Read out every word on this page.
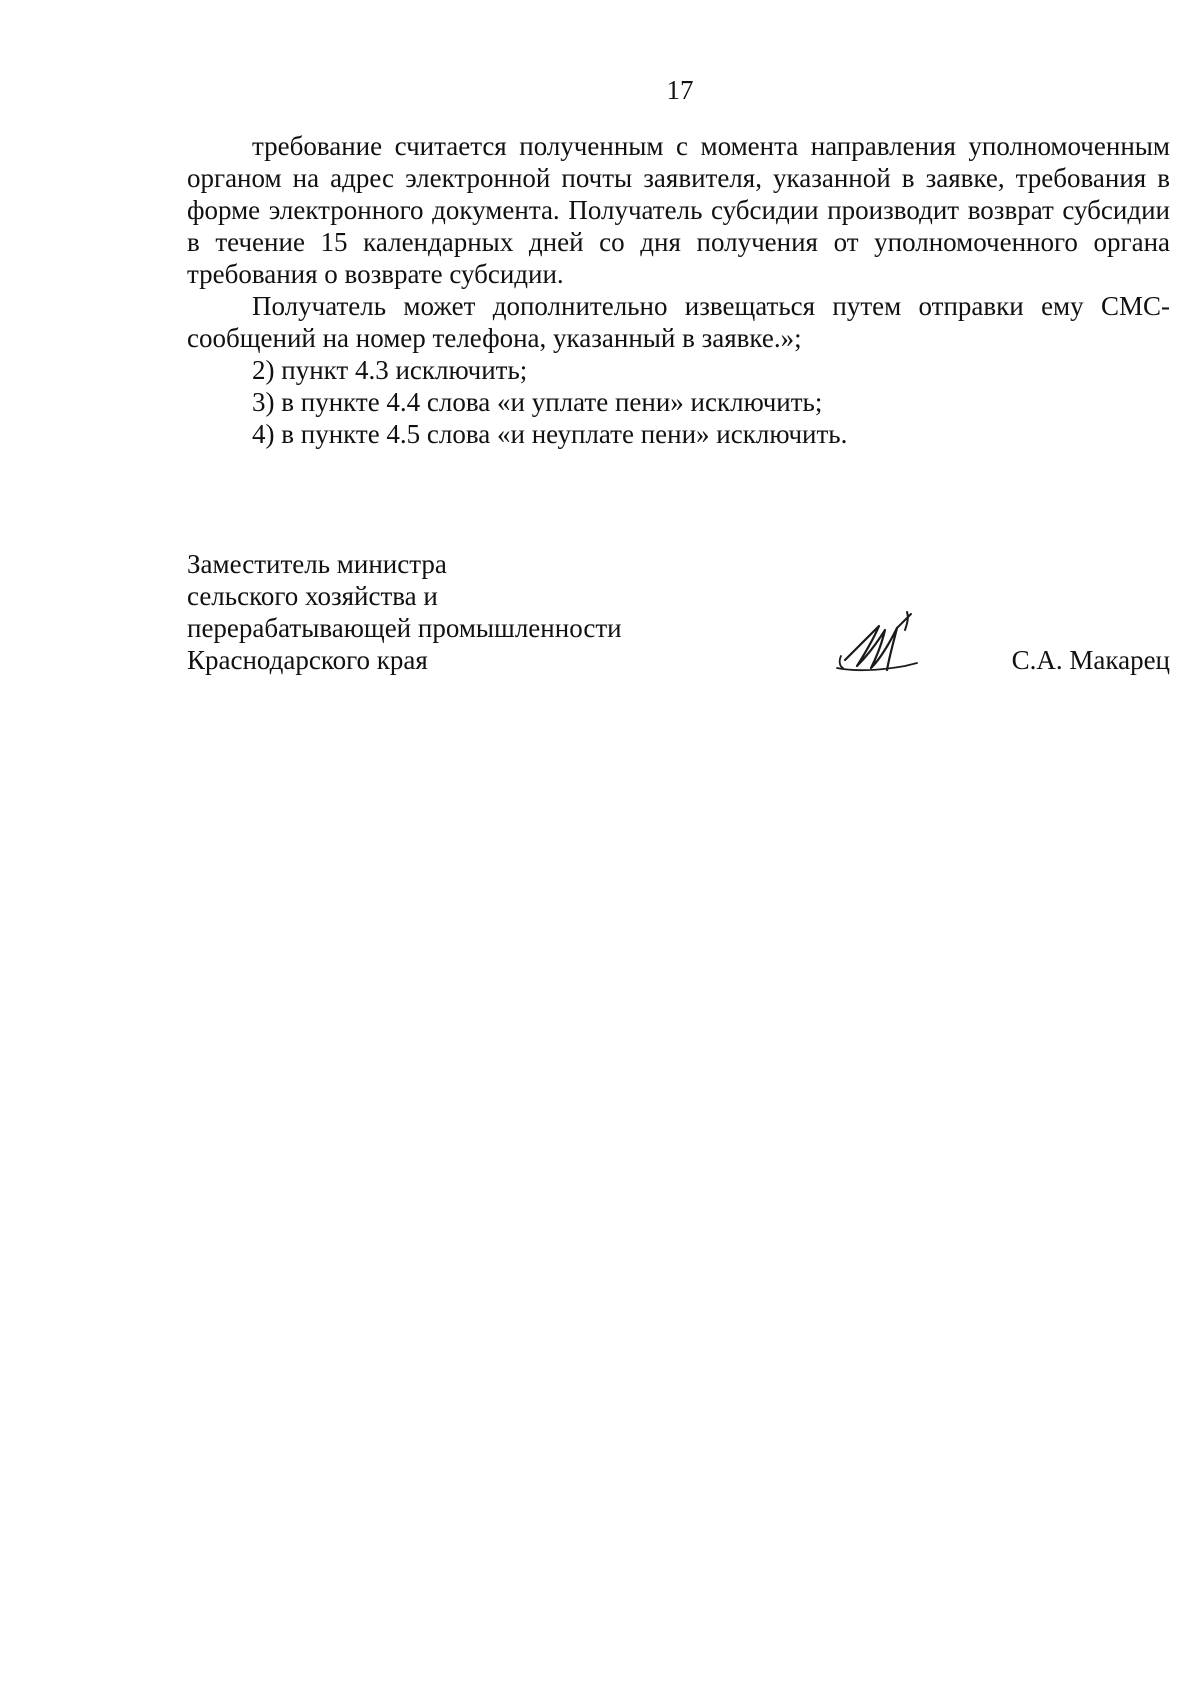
17

требование считается полученным с момента направления уполномоченным органом на адрес электронной почты заявителя, указанной в заявке, требования в форме электронного документа. Получатель субсидии производит возврат субсидии в течение 15 календарных дней со дня получения от уполномоченного органа требования о возврате субсидии.

Получатель может дополнительно извещаться путем отправки ему СМС-сообщений на номер телефона, указанный в заявке.»;

2) пункт 4.3 исключить;

3) в пункте 4.4 слова «и уплате пени» исключить;

4) в пункте 4.5 слова «и неуплате пени» исключить.

Заместитель министра
сельского хозяйства и
перерабатывающей промышленности
Краснодарского края	С.А. Макарец
